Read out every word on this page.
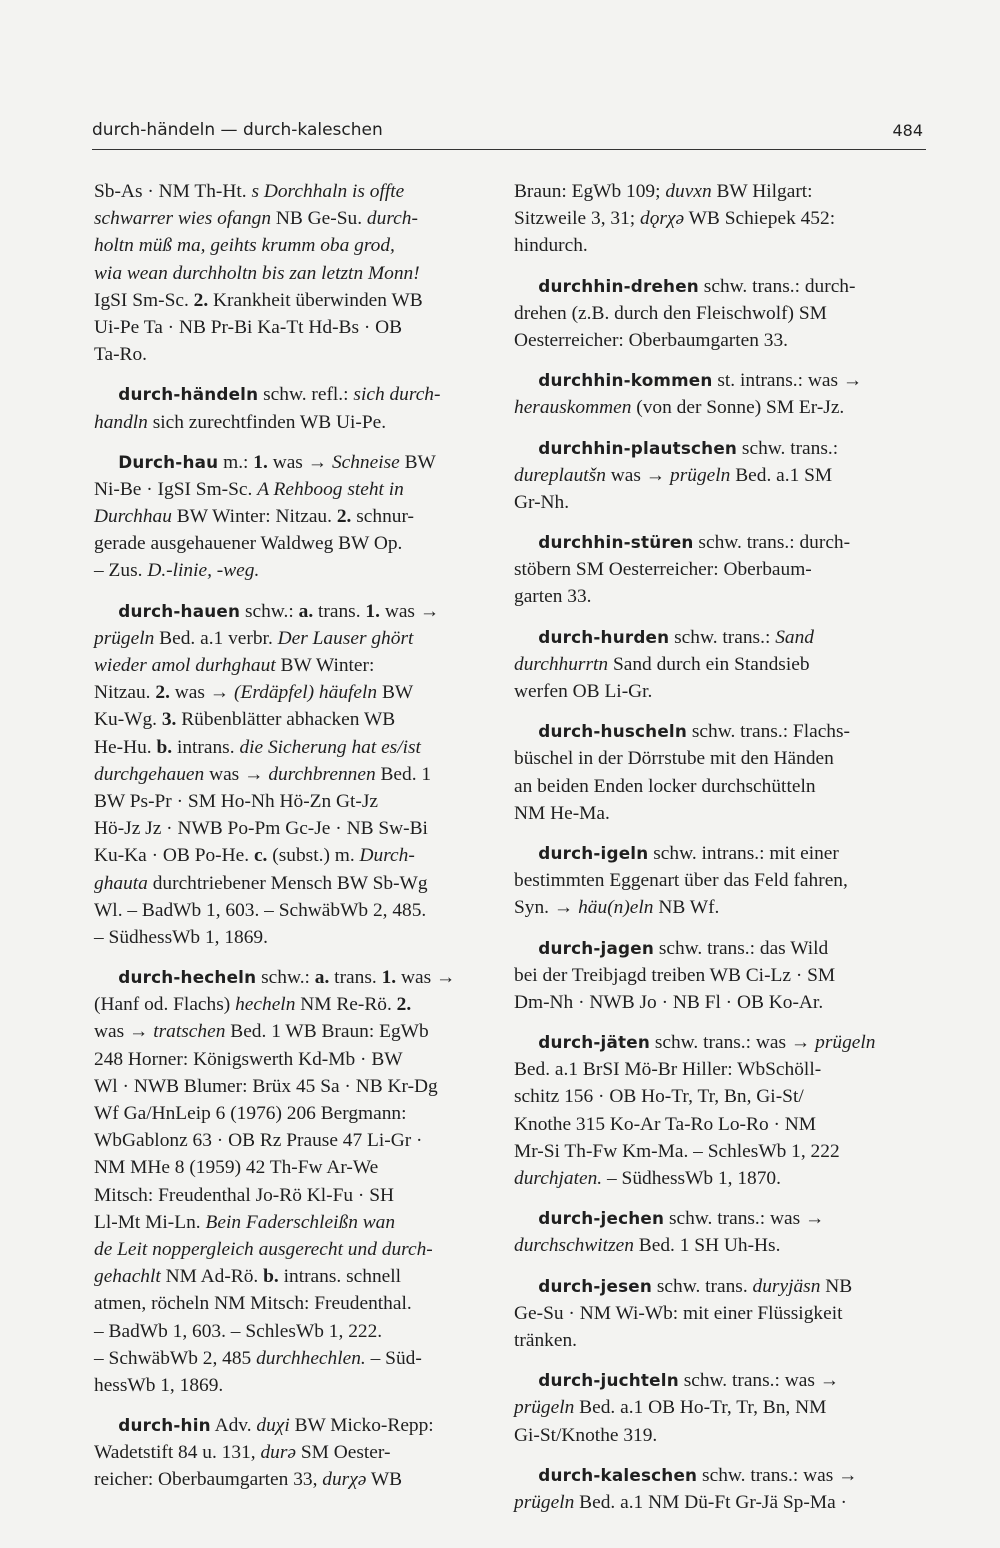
durch-händeln — durch-kaleschen	484
Sb-As · NM Th-Ht. s Dorchhaln is offte
schwarrer wies ofangn NB Ge-Su. durch-
holtn müß ma, geihts krumm oba grod,
wia wean durchholtn bis zan letztn Monn!
IgSI Sm-Sc. 2. Krankheit überwinden WB
Ui-Pe Ta · NB Pr-Bi Ka-Tt Hd-Bs · OB
Ta-Ro.
durch-händeln schw. refl.: sich durch-
handln sich zurechtfinden WB Ui-Pe.
Durch-hau m.: 1. was → Schneise BW
Ni-Be · IgSI Sm-Sc. A Rehboog steht in
Durchhau BW Winter: Nitzau. 2. schnur-
gerade ausgehauener Waldweg BW Op.
– Zus. D.-linie, -weg.
durch-hauen schw.: a. trans. 1. was →
prügeln Bed. a.1 verbr. Der Lauser ghört
wieder amol durhghaut BW Winter:
Nitzau. 2. was → (Erdäpfel) häufeln BW
Ku-Wg. 3. Rübenblätter abhacken WB
He-Hu. b. intrans. die Sicherung hat es/ist
durchgehauen was → durchbrennen Bed. 1
BW Ps-Pr · SM Ho-Nh Hö-Zn Gt-Jz
Hö-Jz Jz · NWB Po-Pm Gc-Je · NB Sw-Bi
Ku-Ka · OB Po-He. c. (subst.) m. Durch-
ghauta durchtriebener Mensch BW Sb-Wg
Wl. – BadWb 1, 603. – SchwäbWb 2, 485.
– SüdhessWb 1, 1869.
durch-hecheln schw.: a. trans. 1. was →
(Hanf od. Flachs) hecheln NM Re-Rö. 2.
was → tratschen Bed. 1 WB Braun: EgWb
248 Horner: Königswerth Kd-Mb · BW
Wl · NWB Blumer: Brüx 45 Sa · NB Kr-Dg
Wf Ga/HnLeip 6 (1976) 206 Bergmann:
WbGablonz 63 · OB Rz Prause 47 Li-Gr ·
NM MHe 8 (1959) 42 Th-Fw Ar-We
Mitsch: Freudenthal Jo-Rö Kl-Fu · SH
Ll-Mt Mi-Ln. Bein Faderschleißn wan
de Leit noppergleich ausgerecht und durch-
gehachlt NM Ad-Rö. b. intrans. schnell
atmen, röcheln NM Mitsch: Freudenthal.
– BadWb 1, 603. – SchlesWb 1, 222.
– SchwäbWb 2, 485 durchhechlen. – Süd-
hessWb 1, 1869.
durch-hin Adv. duχi BW Micko-Repp:
Wadetstift 84 u. 131, durə SM Oester-
reicher: Oberbaumgarten 33, durχə WB
Braun: EgWb 109; duvxn BW Hilgart:
Sitzweile 3, 31; dǫrχə WB Schiepek 452:
hindurch.
durchhin-drehen schw. trans.: durch-
drehen (z.B. durch den Fleischwolf) SM
Oesterreicher: Oberbaumgarten 33.
durchhin-kommen st. intrans.: was →
herauskommen (von der Sonne) SM Er-Jz.
durchhin-plautschen schw. trans.:
dureplautšn was → prügeln Bed. a.1 SM
Gr-Nh.
durchhin-stüren schw. trans.: durch-
stöbern SM Oesterreicher: Oberbaum-
garten 33.
durch-hurden schw. trans.: Sand
durchhurrtn Sand durch ein Standsieb
werfen OB Li-Gr.
durch-huscheln schw. trans.: Flachs-
büschel in der Dörrstube mit den Händen
an beiden Enden locker durchschütteln
NM He-Ma.
durch-igeln schw. intrans.: mit einer
bestimmten Eggenart über das Feld fahren,
Syn. → häu(n)eln NB Wf.
durch-jagen schw. trans.: das Wild
bei der Treibjagd treiben WB Ci-Lz · SM
Dm-Nh · NWB Jo · NB Fl · OB Ko-Ar.
durch-jäten schw. trans.: was → prügeln
Bed. a.1 BrSI Mö-Br Hiller: WbSchöll-
schitz 156 · OB Ho-Tr, Tr, Bn, Gi-St/
Knothe 315 Ko-Ar Ta-Ro Lo-Ro · NM
Mr-Si Th-Fw Km-Ma. – SchlesWb 1, 222
durchjaten. – SüdhessWb 1, 1870.
durch-jechen schw. trans.: was →
durchschwitzen Bed. 1 SH Uh-Hs.
durch-jesen schw. trans. duryjäsn NB
Ge-Su · NM Wi-Wb: mit einer Flüssigkeit
tränken.
durch-juchteln schw. trans.: was →
prügeln Bed. a.1 OB Ho-Tr, Tr, Bn, NM
Gi-St/Knothe 319.
durch-kaleschen schw. trans.: was →
prügeln Bed. a.1 NM Dü-Ft Gr-Jä Sp-Ma ·
